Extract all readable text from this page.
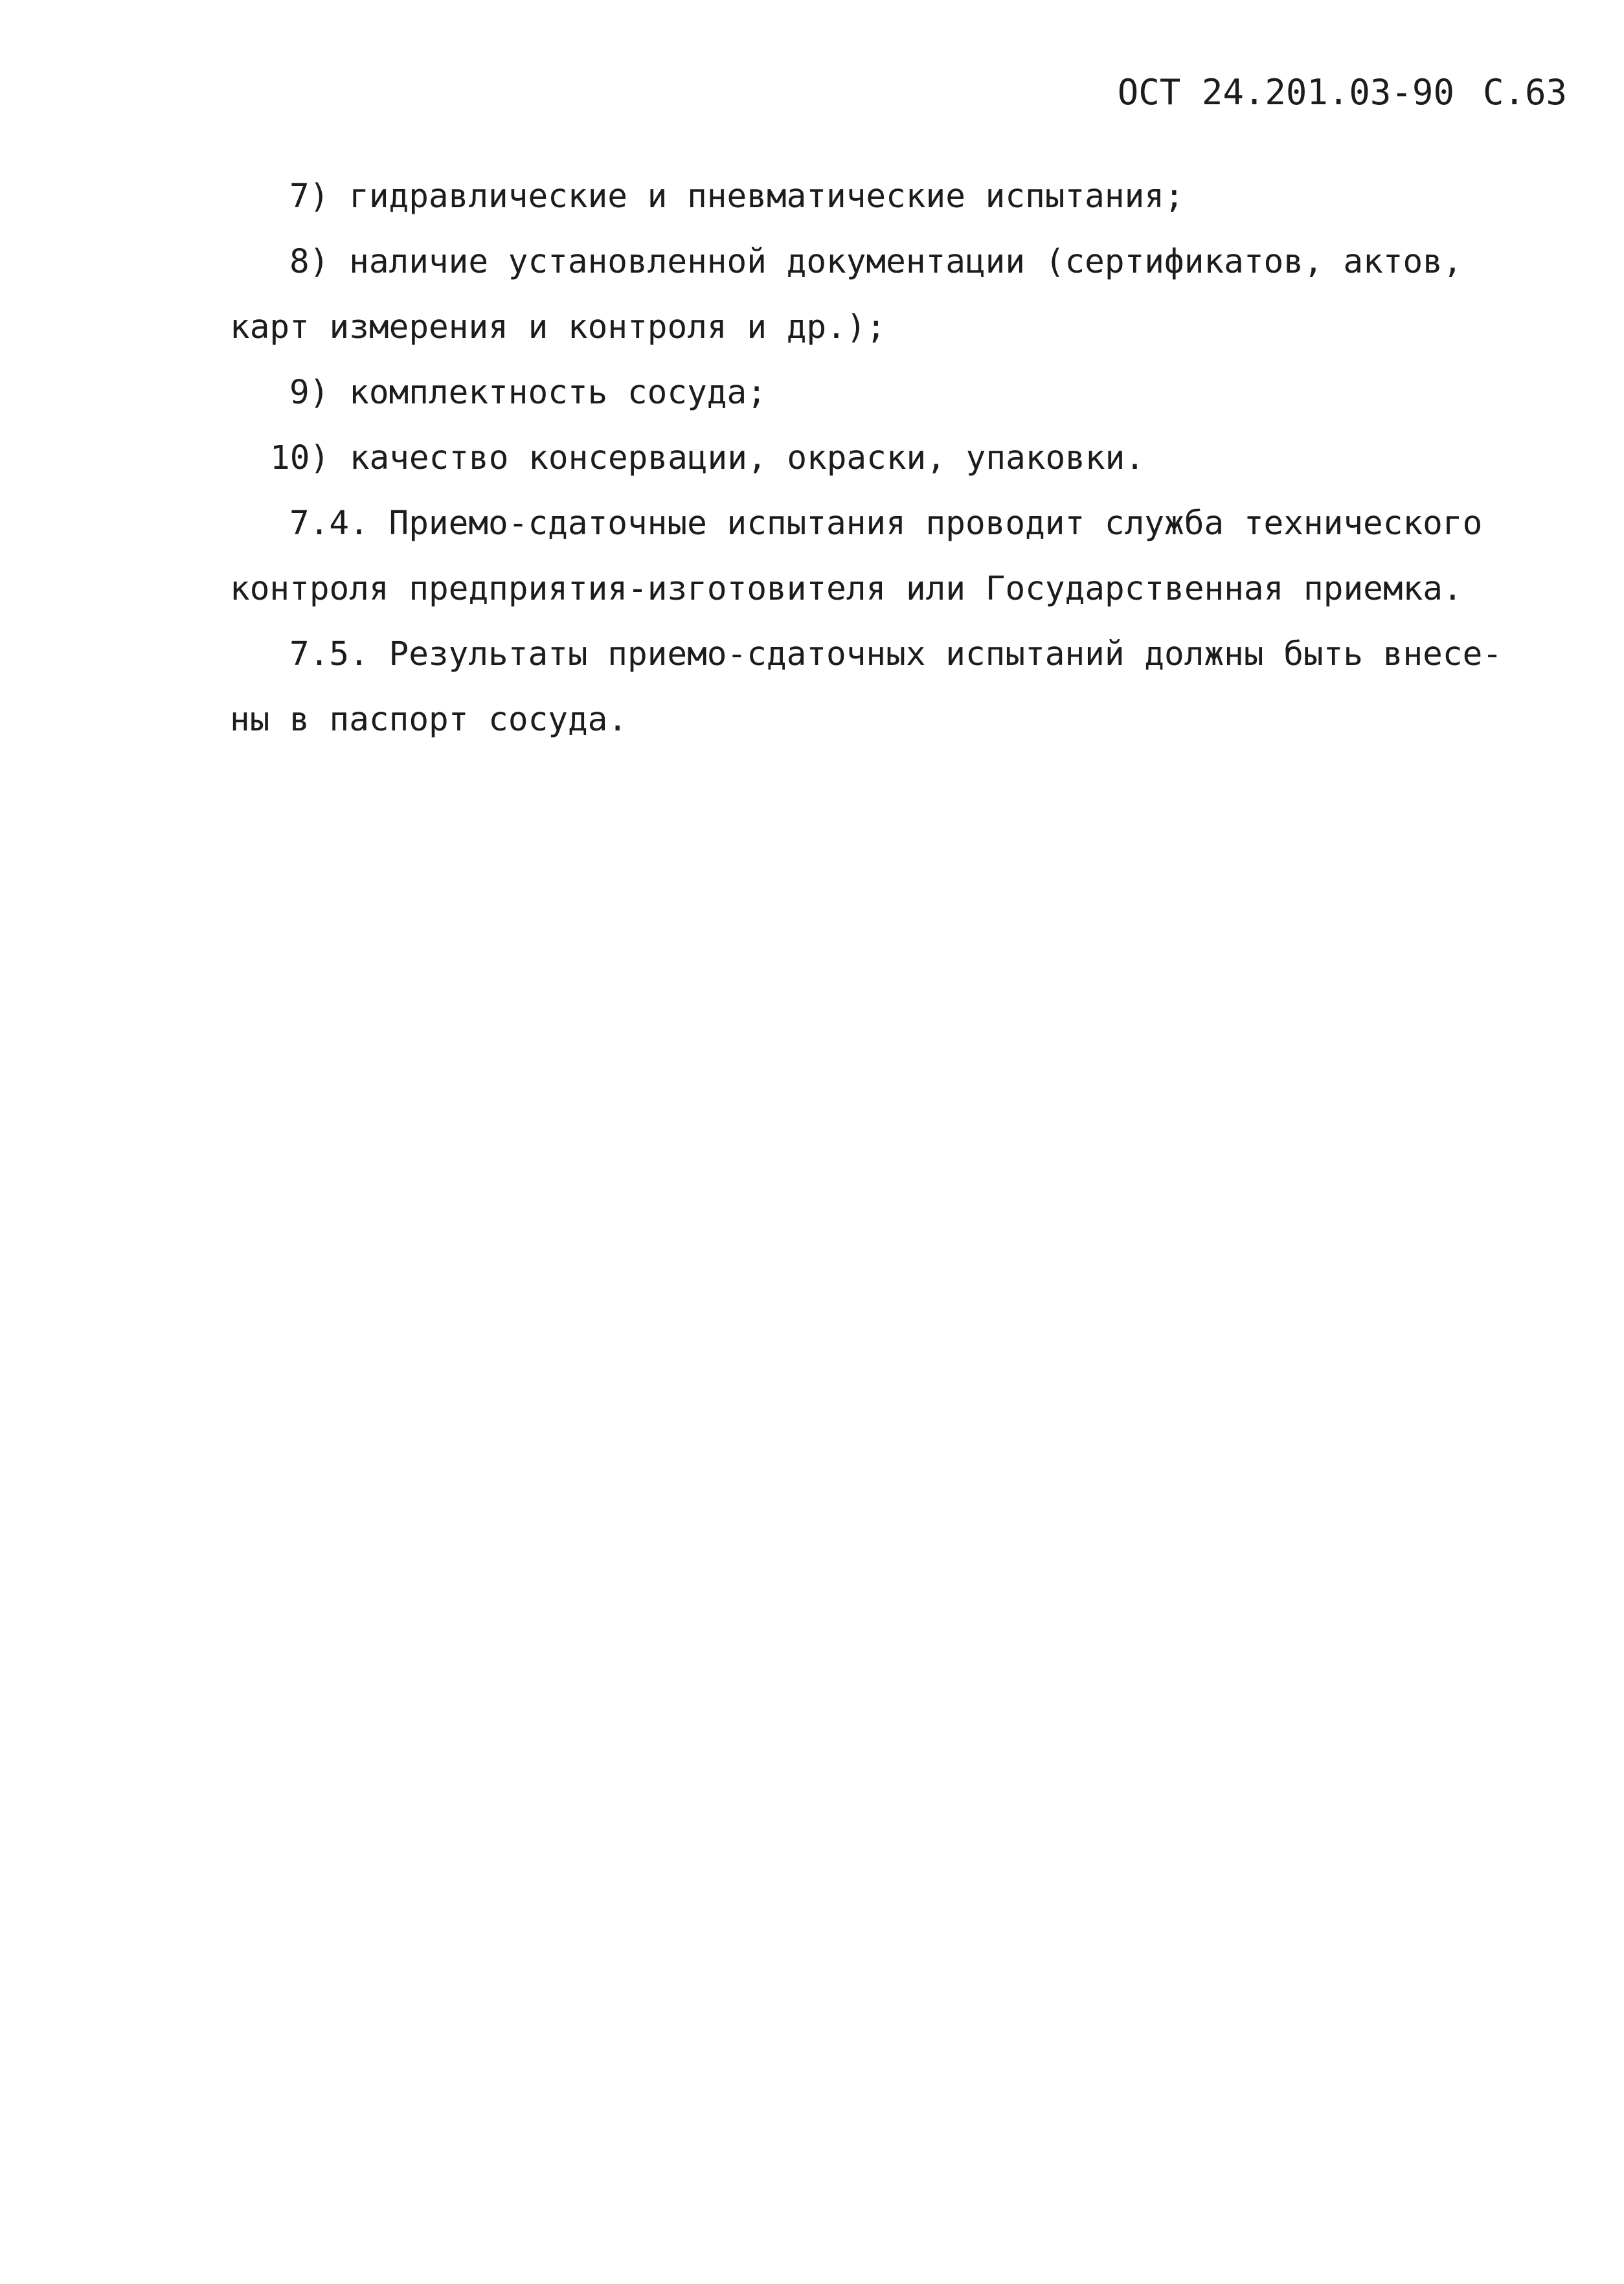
ОСТ 24.201.03-90 С.63
7) гидравлические и пневматические испытания;
8) наличие установленной документации (сертификатов, актов,
карт измерения и контроля и др.);
9) комплектность сосуда;
10) качество консервации, окраски, упаковки.
7.4. Приемо-сдаточные испытания проводит служба технического
контроля предприятия-изготовителя или Государственная приемка.
7.5. Результаты приемо-сдаточных испытаний должны быть внесе-
ны в паспорт сосуда.
